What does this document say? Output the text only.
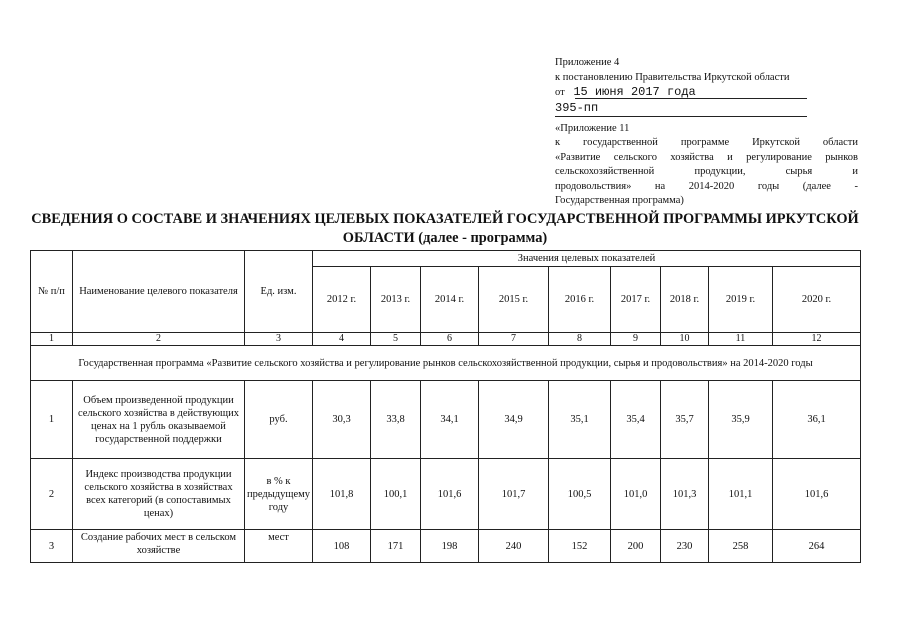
Приложение 4
к постановлению Правительства Иркутской области
от 15 июня 2017 года
395-пп
«Приложение 11
к государственной программе Иркутской области
«Развитие сельского хозяйства и регулирование рынков
сельскохозяйственной продукции, сырья и
продовольствия» на 2014-2020 годы (далее -
Государственная программа)
СВЕДЕНИЯ О СОСТАВЕ И ЗНАЧЕНИЯХ ЦЕЛЕВЫХ ПОКАЗАТЕЛЕЙ ГОСУДАРСТВЕННОЙ ПРОГРАММЫ ИРКУТСКОЙ
ОБЛАСТИ (далее - программа)
№ п/п	Наименование целевого показателя	Ед. изм.	Значения целевых показателей								
			2012 г.	2013 г.	2014 г.	2015 г.	2016 г.	2017 г.	2018 г.	2019 г.	2020 г.
1	2	3	4	5	6	7	8	9	10	11	12
Государственная программа «Развитие сельского хозяйства и регулирование рынков сельскохозяйственной продукции, сырья и продовольствия» на 2014-2020 годы											
1	Объем произведенной продукции сельского хозяйства в действующих ценах на 1 рубль оказываемой государственной поддержки	руб.	30,3	33,8	34,1	34,9	35,1	35,4	35,7	35,9	36,1
2	Индекс производства продукции сельского хозяйства в хозяйствах всех категорий (в сопоставимых ценах)	в % к предыдущему году	101,8	100,1	101,6	101,7	100,5	101,0	101,3	101,1	101,6
3	Создание рабочих мест в сельском хозяйстве	мест	108	171	198	240	152	200	230	258	264
